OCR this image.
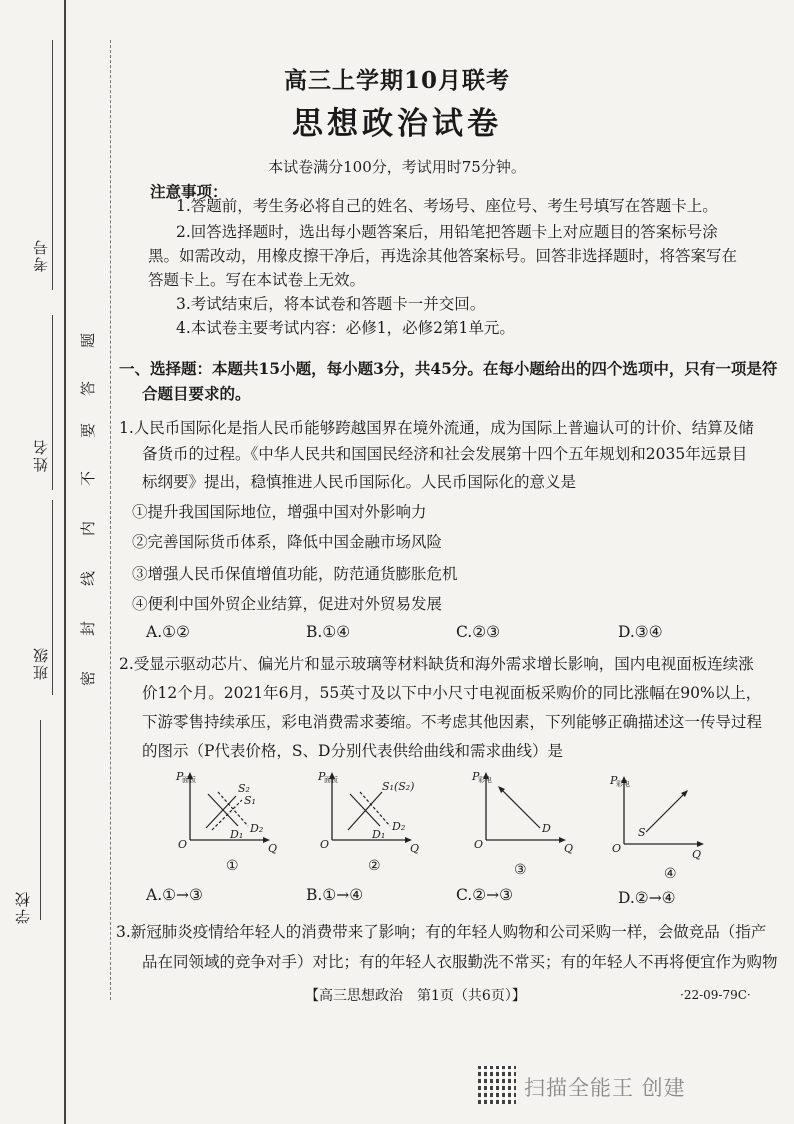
考号
姓名
班级
学校
密
封
线
内
不
要
答
题
高三上学期10月联考
思想政治试卷
本试卷满分100分，考试用时75分钟。
注意事项：
1.答题前，考生务必将自己的姓名、考场号、座位号、考生号填写在答题卡上。
2.回答选择题时，选出每小题答案后，用铅笔把答题卡上对应题目的答案标号涂
黑。如需改动，用橡皮擦干净后，再选涂其他答案标号。回答非选择题时，将答案写在
答题卡上。写在本试卷上无效。
3.考试结束后，将本试卷和答题卡一并交回。
4.本试卷主要考试内容：必修1，必修2第1单元。
一、选择题：本题共15小题，每小题3分，共45分。在每小题给出的四个选项中，只有一项是符
合题目要求的。
1.人民币国际化是指人民币能够跨越国界在境外流通，成为国际上普遍认可的计价、结算及储
备货币的过程。《中华人民共和国国民经济和社会发展第十四个五年规划和2035年远景目
标纲要》提出，稳慎推进人民币国际化。人民币国际化的意义是
①提升我国国际地位，增强中国对外影响力
②完善国际货币体系，降低中国金融市场风险
③增强人民币保值增值功能，防范通货膨胀危机
④便利中国外贸企业结算，促进对外贸易发展
A.①②	B.①④	C.②③	D.③④
2.受显示驱动芯片、偏光片和显示玻璃等材料缺货和海外需求增长影响，国内电视面板连续涨
价12个月。2021年6月，55英寸及以下中小尺寸电视面板采购价的同比涨幅在90%以上，
下游零售持续承压，彩电消费需求萎缩。不考虑其他因素，下列能够正确描述这一传导过程
的图示（P代表价格，S、D分别代表供给曲线和需求曲线）是
P
面板
Q
O
S₂
S₁
D₁ D₂
①
P
面板
Q
O
S₁(S₂)
D₁
D₂
②
P
彩电
Q
O
D
③
P
彩电
Q
O
S
④
A.①→③	B.①→④	C.②→③	D.②→④
3.新冠肺炎疫情给年轻人的消费带来了影响；有的年轻人购物和公司采购一样，会做竞品（指产
品在同领域的竞争对手）对比；有的年轻人衣服勤洗不常买；有的年轻人不再将便宜作为购物
【高三思想政治　第1页（共6页）】	·22-09-79C·
扫描全能王 创建
